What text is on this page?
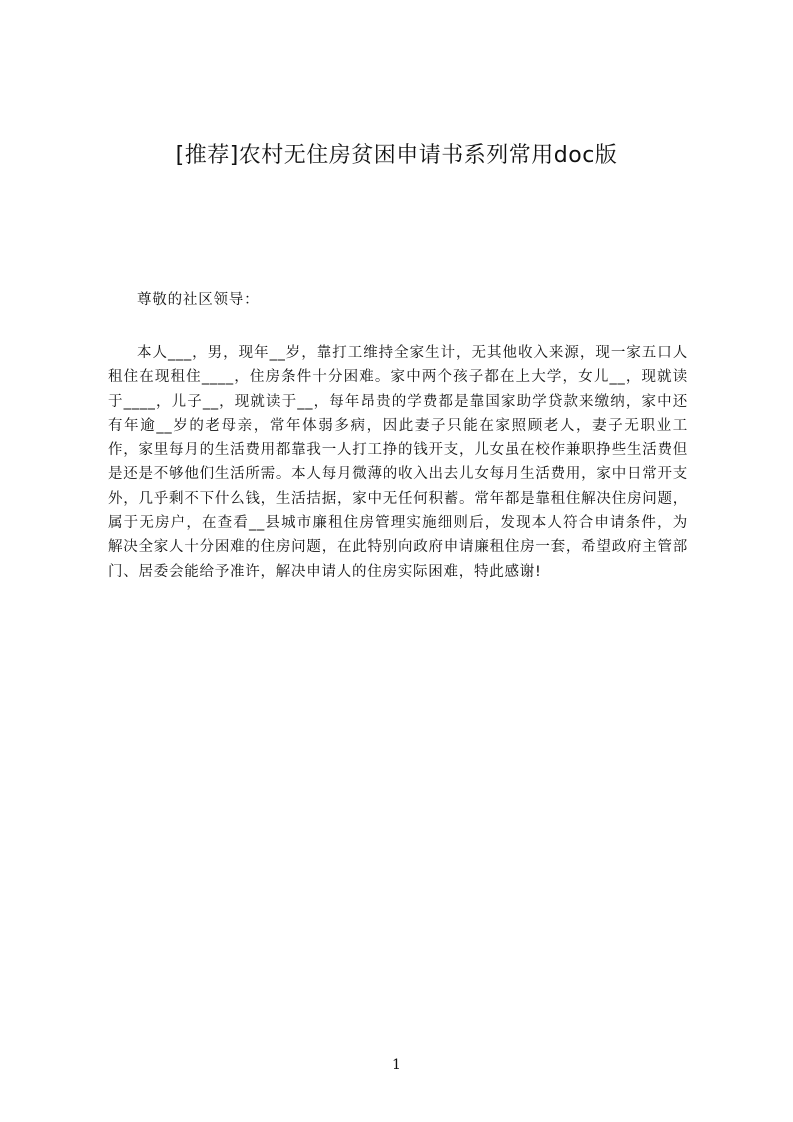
[推荐]农村无住房贫困申请书系列常用doc版
尊敬的社区领导：

本人___，男，现年__岁，靠打工维持全家生计，无其他收入来源，现一家五口人租住在现租住____，住房条件十分困难。家中两个孩子都在上大学，女儿__，现就读于____，儿子__，现就读于__，每年昂贵的学费都是靠国家助学贷款来缴纳，家中还有年逾__岁的老母亲，常年体弱多病，因此妻子只能在家照顾老人，妻子无职业工作，家里每月的生活费用都靠我一人打工挣的钱开支，儿女虽在校作兼职挣些生活费但是还是不够他们生活所需。本人每月微薄的收入出去儿女每月生活费用，家中日常开支外，几乎剩不下什么钱，生活拮据，家中无任何积蓄。常年都是靠租住解决住房问题，属于无房户，在查看__县城市廉租住房管理实施细则后，发现本人符合申请条件，为解决全家人十分困难的住房问题，在此特别向政府申请廉租住房一套，希望政府主管部门、居委会能给予准许，解决申请人的住房实际困难，特此感谢!

1
